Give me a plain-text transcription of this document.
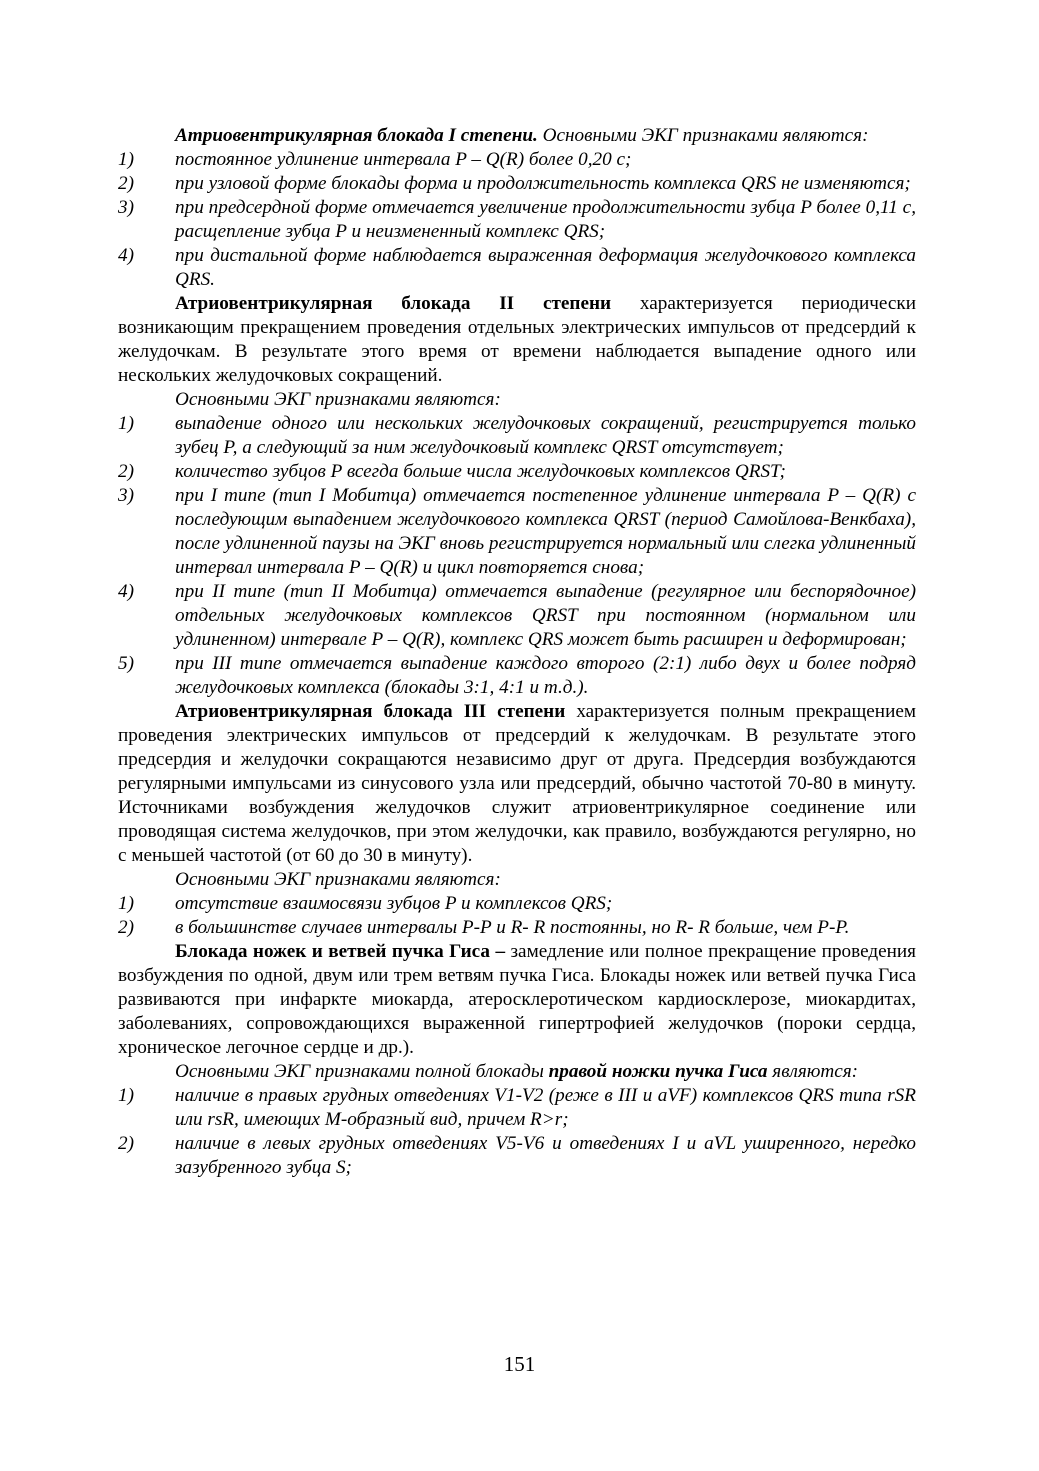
Атриовентрикулярная блокада I степени. Основными ЭКГ признаками являются:

1) постоянное удлинение интервала P – Q(R) более 0,20 с;
2) при узловой форме блокады форма и продолжительность комплекса QRS не изменяются;
3) при предсердной форме отмечается увеличение продолжительности зубца P более 0,11 с, расщепление зубца P и неизмененный комплекс QRS;
4) при дистальной форме наблюдается выраженная деформация желудочкового комплекса QRS.

Атриовентрикулярная блокада II степени характеризуется периодически возникающим прекращением проведения отдельных электрических импульсов от предсердий к желудочкам. В результате этого время от времени наблюдается выпадение одного или нескольких желудочковых сокращений.

Основными ЭКГ признаками являются:

1) выпадение одного или нескольких желудочковых сокращений, регистрируется только зубец P, а следующий за ним желудочковый комплекс QRST отсутствует;
2) количество зубцов P всегда больше числа желудочковых комплексов QRST;
3) при I типе (тип I Мобитца) отмечается постепенное удлинение интервала P – Q(R) с последующим выпадением желудочкового комплекса QRST (период Самойлова-Венкбаха), после удлиненной паузы на ЭКГ вновь регистрируется нормальный или слегка удлиненный интервал интервала P – Q(R) и цикл повторяется снова;
4) при II типе (тип II Мобитца) отмечается выпадение (регулярное или беспорядочное) отдельных желудочковых комплексов QRST при постоянном (нормальном или удлиненном) интервале P – Q(R), комплекс QRS может быть расширен и деформирован;
5) при III типе отмечается выпадение каждого второго (2:1) либо двух и более подряд желудочковых комплекса (блокады 3:1, 4:1 и т.д.).

Атриовентрикулярная блокада III степени характеризуется полным прекращением проведения электрических импульсов от предсердий к желудочкам. В результате этого предсердия и желудочки сокращаются независимо друг от друга. Предсердия возбуждаются регулярными импульсами из синусового узла или предсердий, обычно частотой 70-80 в минуту. Источниками возбуждения желудочков служит атриовентрикулярное соединение или проводящая система желудочков, при этом желудочки, как правило, возбуждаются регулярно, но с меньшей частотой (от 60 до 30 в минуту).

Основными ЭКГ признаками являются:

1) отсутствие взаимосвязи зубцов P и комплексов QRS;
2) в большинстве случаев интервалы P-P и R- R постоянны, но R- R больше, чем P-P.

Блокада ножек и ветвей пучка Гиса – замедление или полное прекращение проведения возбуждения по одной, двум или трем ветвям пучка Гиса. Блокады ножек или ветвей пучка Гиса развиваются при инфаркте миокарда, атеросклеротическом кардиосклерозе, миокардитах, заболеваниях, сопровождающихся выраженной гипертрофией желудочков (пороки сердца, хроническое легочное сердце и др.).

Основными ЭКГ признаками полной блокады правой ножки пучка Гиса являются:

1) наличие в правых грудных отведениях V1-V2 (реже в III и aVF) комплексов QRS типа rSR или rsR, имеющих М-образный вид, причем R>r;
2) наличие в левых грудных отведениях V5-V6 и отведениях I и aVL уширенного, нередко зазубренного зубца S;
151
